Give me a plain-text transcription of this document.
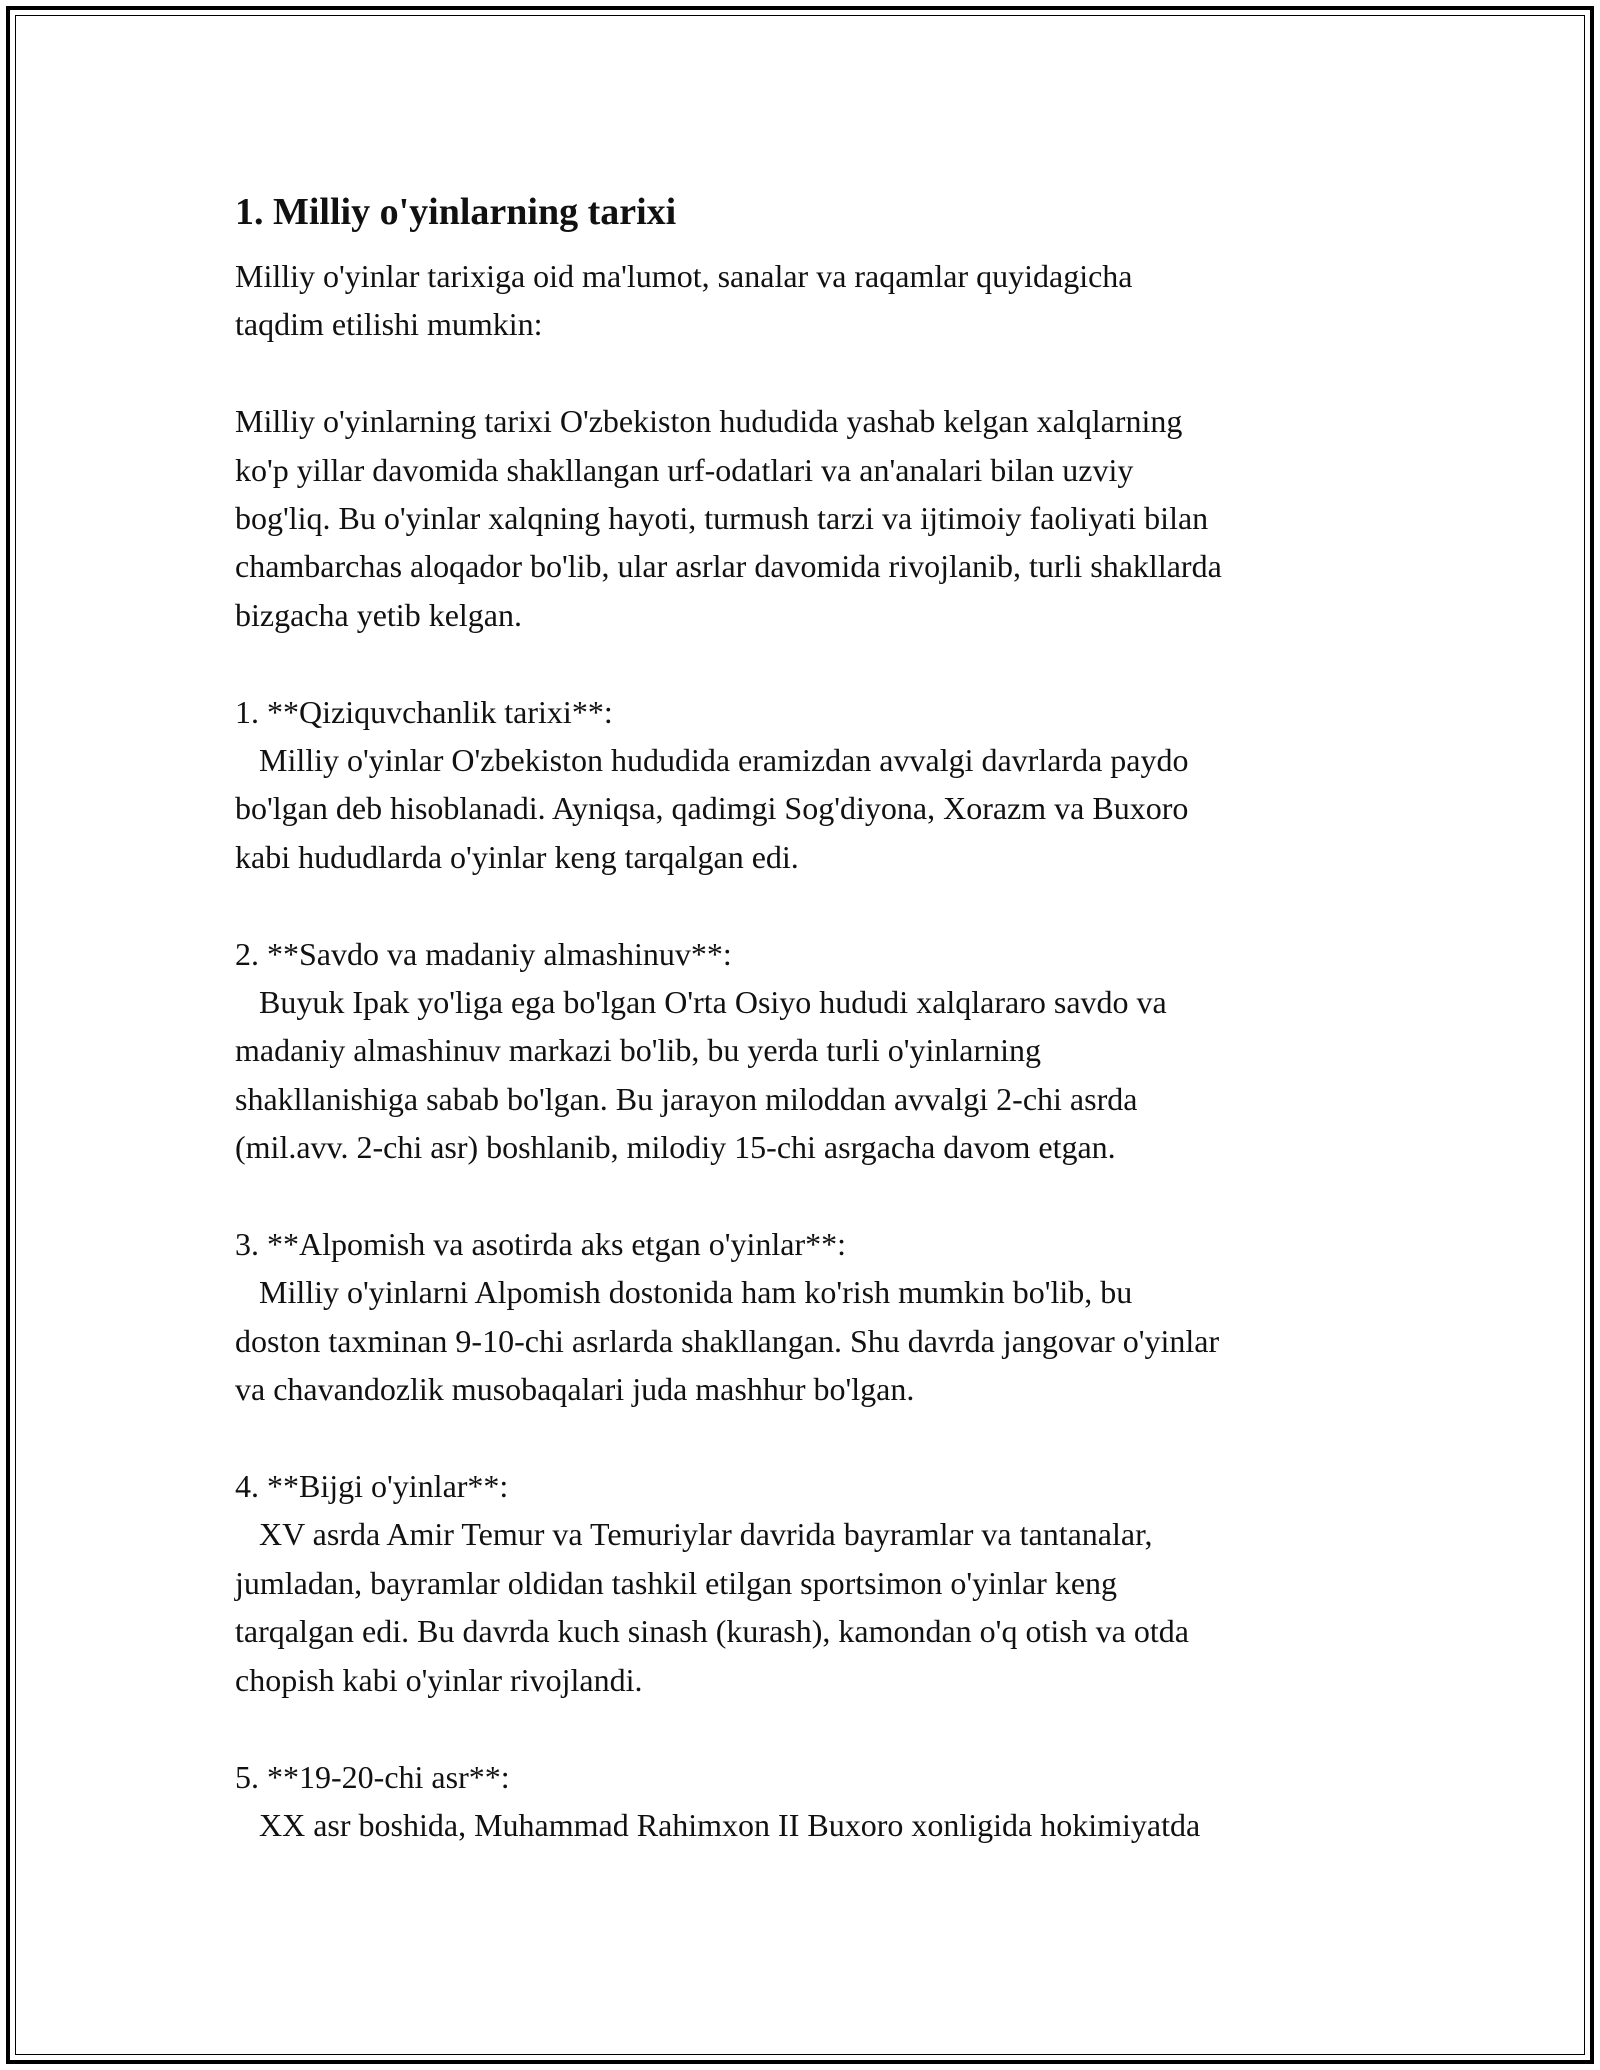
1. Milliy o'yinlarning tarixi

Milliy o'yinlar tarixiga oid ma'lumot, sanalar va raqamlar quyidagicha
taqdim etilishi mumkin:

Milliy o'yinlarning tarixi O'zbekiston hududida yashab kelgan xalqlarning
ko'p yillar davomida shakllangan urf-odatlari va an'analari bilan uzviy
bog'liq. Bu o'yinlar xalqning hayoti, turmush tarzi va ijtimoiy faoliyati bilan
chambarchas aloqador bo'lib, ular asrlar davomida rivojlanib, turli shakllarda
bizgacha yetib kelgan.

1. **Qiziquvchanlik tarixi**:

Milliy o'yinlar O'zbekiston hududida eramizdan avvalgi davrlarda paydo
bo'lgan deb hisoblanadi. Ayniqsa, qadimgi Sog'diyona, Xorazm va Buxoro
kabi hududlarda o'yinlar keng tarqalgan edi.

2. **Savdo va madaniy almashinuv**:

Buyuk Ipak yo'liga ega bo'lgan O'rta Osiyo hududi xalqlararo savdo va
madaniy almashinuv markazi bo'lib, bu yerda turli o'yinlarning
shakllanishiga sabab bo'lgan. Bu jarayon miloddan avvalgi 2-chi asrda
(mil.avv. 2-chi asr) boshlanib, milodiy 15-chi asrgacha davom etgan.

3. **Alpomish va asotirda aks etgan o'yinlar**:

Milliy o'yinlarni Alpomish dostonida ham ko'rish mumkin bo'lib, bu
doston taxminan 9-10-chi asrlarda shakllangan. Shu davrda jangovar o'yinlar
va chavandozlik musobaqalari juda mashhur bo'lgan.

4. **Bijgi o'yinlar**:

XV asrda Amir Temur va Temuriylar davrida bayramlar va tantanalar,
jumladan, bayramlar oldidan tashkil etilgan sportsimon o'yinlar keng
tarqalgan edi. Bu davrda kuch sinash (kurash), kamondan o'q otish va otda
chopish kabi o'yinlar rivojlandi.

5. **19-20-chi asr**:

XX asr boshida, Muhammad Rahimxon II Buxoro xonligida hokimiyatda
